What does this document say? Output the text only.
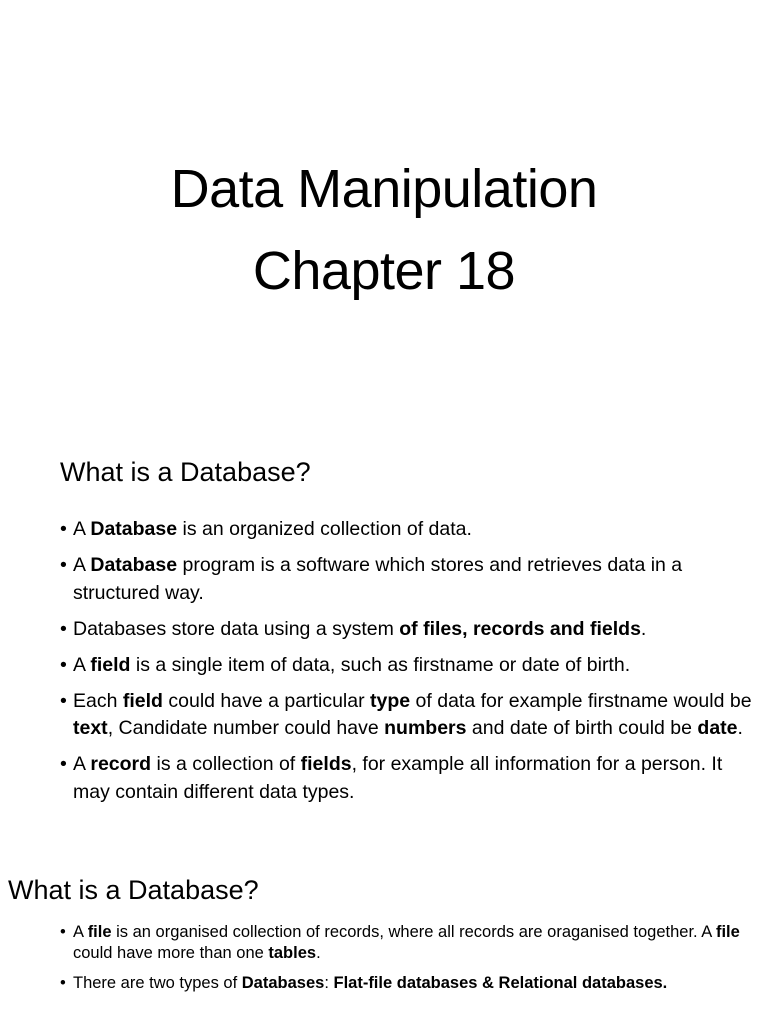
Data Manipulation
Chapter 18
What is a Database?
• A Database is an organized collection of data.
• A Database program is a software which stores and retrieves data in a structured way.
• Databases store data using a system of files, records and fields.
• A field is a single item of data, such as firstname or date of birth.
• Each field could have a particular type of data for example firstname would be text, Candidate number could have numbers and date of birth could be date.
• A record is a collection of fields, for example all information for a person. It may contain different data types.
What is a Database?
• A file is an organised collection of records, where all records are oraganised together. A file could have more than one tables.
• There are two types of Databases: Flat-file databases & Relational databases.
